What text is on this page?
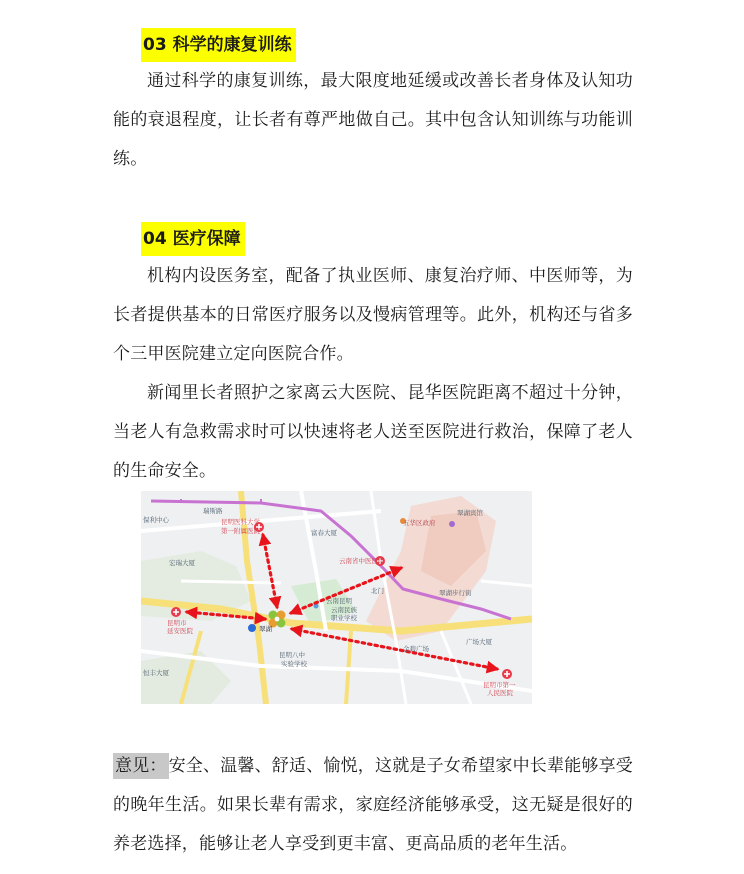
03 科学的康复训练

通过科学的康复训练，最大限度地延缓或改善长者身体及认知功能的衰退程度，让长者有尊严地做自己。其中包含认知训练与功能训练。

04 医疗保障

机构内设医务室，配备了执业医师、康复治疗师、中医师等，为长者提供基本的日常医疗服务以及慢病管理等。此外，机构还与省多个三甲医院建立定向医院合作。

新闻里长者照护之家离云大医院、昆华医院距离不超过十分钟，当老人有急救需求时可以快速将老人送至医院进行救治，保障了老人的生命安全。

保利中心	昆明医科大学
第一附属医院
瑞斯路
富春大厦
五华区政府
翠湖宾馆
宏瑞大厦	云南省中医医院
北门
云南昆明
云南民族
职业学校
翠湖步行街
昆明市
延安医院
昆明八中
实验学校
金碧广场
广场大厦
恒丰大厦
昆明市第一
人民医院
翠湖

意见： 安全、温馨、舒适、愉悦，这就是子女希望家中长辈能够享受的晚年生活。如果长辈有需求，家庭经济能够承受，这无疑是很好的养老选择，能够让老人享受到更丰富、更高品质的老年生活。
